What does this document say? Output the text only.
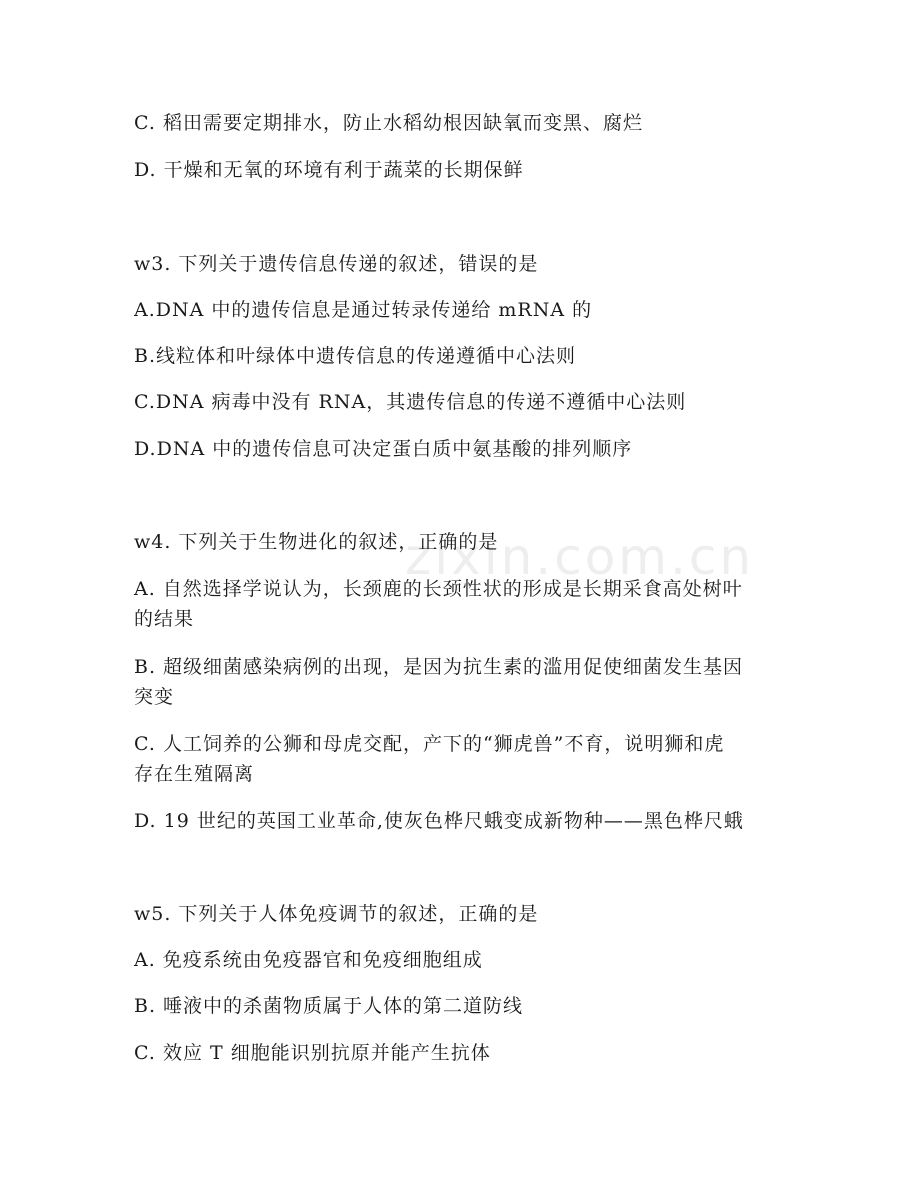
zixin.com.cn
C. 稻田需要定期排水，防止水稻幼根因缺氧而变黑、腐烂
D. 干燥和无氧的环境有利于蔬菜的长期保鲜
w3. 下列关于遗传信息传递的叙述，错误的是
A.DNA 中的遗传信息是通过转录传递给 mRNA 的
B.线粒体和叶绿体中遗传信息的传递遵循中心法则
C.DNA 病毒中没有 RNA，其遗传信息的传递不遵循中心法则
D.DNA 中的遗传信息可决定蛋白质中氨基酸的排列顺序
w4. 下列关于生物进化的叙述，正确的是
A. 自然选择学说认为，长颈鹿的长颈性状的形成是长期采食高处树叶
的结果
B. 超级细菌感染病例的出现，是因为抗生素的滥用促使细菌发生基因
突变
C. 人工饲养的公狮和母虎交配，产下的“狮虎兽”不育，说明狮和虎
存在生殖隔离
D. 19 世纪的英国工业革命,使灰色桦尺蛾变成新物种——黑色桦尺蛾
w5. 下列关于人体免疫调节的叙述，正确的是
A. 免疫系统由免疫器官和免疫细胞组成
B. 唾液中的杀菌物质属于人体的第二道防线
C. 效应 T 细胞能识别抗原并能产生抗体
